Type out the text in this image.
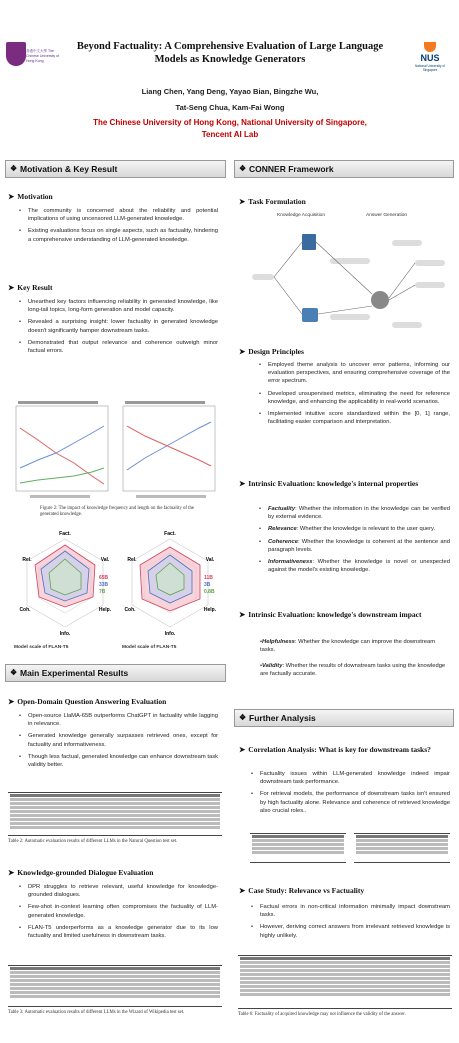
香港中文大學 The Chinese University of Hong Kong	NUS
National University of Singapore
Beyond Factuality: A Comprehensive Evaluation of Large Language Models as Knowledge Generators
Liang Chen, Yang Deng, Yayao Bian, Bingzhe Wu,
Tat-Seng Chua, Kam-Fai Wong
The Chinese University of Hong Kong, National University of Singapore,
Tencent AI Lab
❖ Motivation & Key Result
➤ Motivation
• The community is concerned about the reliability and potential implications of using uncensored LLM-generated knowledge.
• Existing evaluations focus on single aspects, such as factuality, hindering a comprehensive understanding of LLM-generated knowledge.
➤ Key Result
• Unearthed key factors influencing reliability in generated knowledge, like long-tail topics, long-form generation and model capacity.
• Revealed a surprising insight: lower factuality in generated knowledge doesn't significantly hamper downstream tasks.
• Demonstrated that output relevance and coherence outweigh minor factual errors.
Figure 2: The impact of knowledge frequency and length on the factuality of the generated knowledge.
Fact.
Rel.	Val.
Help.
Info.
Coh.
Fact.
Rel.	Val.
Help.
Info.
Coh.
65B
33B
7B
11B
3B
0.8B
Model scale of FLAN-T5	Model scale of FLAN-T5
❖ Main Experimental Results
➤ Open-Domain Question Answering Evaluation
• Open-source LlaMA-65B outperforms ChatGPT in factuality while lagging in relevance.
• Generated knowledge generally surpasses retrieved ones, except for factuality and informativeness.
• Though less factual, generated knowledge can enhance downstream task validity better.
Table 2: Automatic evaluation results of different LLMs in the Natural Question test set.
➤ Knowledge-grounded Dialogue Evaluation
• DPR struggles to retrieve relevant, useful knowledge for knowledge-grounded dialogues.
• Few-shot in-context learning often compromises the factuality of LLM-generated knowledge.
• FLAN-T5 underperforms as a knowledge generator due to its low factuality and limited usefulness in downstream tasks.
Table 3: Automatic evaluation results of different LLMs in the Wizard of Wikipedia test set.
❖ CONNER Framework
➤ Task Formulation
Knowledge Acquisition	Answer Generation
➤ Design Principles
• Employed theme analysis to uncover error patterns, informing our evaluation perspectives, and ensuring comprehensive coverage of the error spectrum.
• Developed unsupervised metrics, eliminating the need for reference knowledge, and enhancing the applicability in real-world scenarios.
• Implemented intuitive score standardized within the [0, 1] range, facilitating easier comparison and interpretation.
➤ Intrinsic Evaluation: knowledge's internal properties
• Factuality: Whether the information in the knowledge can be verified by external evidence.
• Relevance: Whether the knowledge is relevant to the user query.
• Coherence: Whether the knowledge is coherent at the sentence and paragraph levels.
• Informativeness: Whether the knowledge is novel or unexpected against the model's existing knowledge.
➤ Intrinsic Evaluation: knowledge's downstream impact
•Helpfulness: Whether the knowledge can improve the downstream tasks.
•Validity: Whether the results of downstream tasks using the knowledge are factually accurate.
❖ Further Analysis
➤ Correlation Analysis: What is key for downstream tasks?
• Factuality issues within LLM-generated knowledge indeed impair downstream task performance.
• For retrieval models, the performance of downstream tasks isn't ensured by high factuality alone. Relevance and coherence of retrieved knowledge also crucial roles..
➤ Case Study: Relevance vs Factuality
• Factual errors in non-critical information minimally impact downstream tasks.
• However, deriving correct answers from irrelevant retrieved knowledge is highly unlikely.
Table 6: Factuality of acquired knowledge may not influence the validity of the answer.
